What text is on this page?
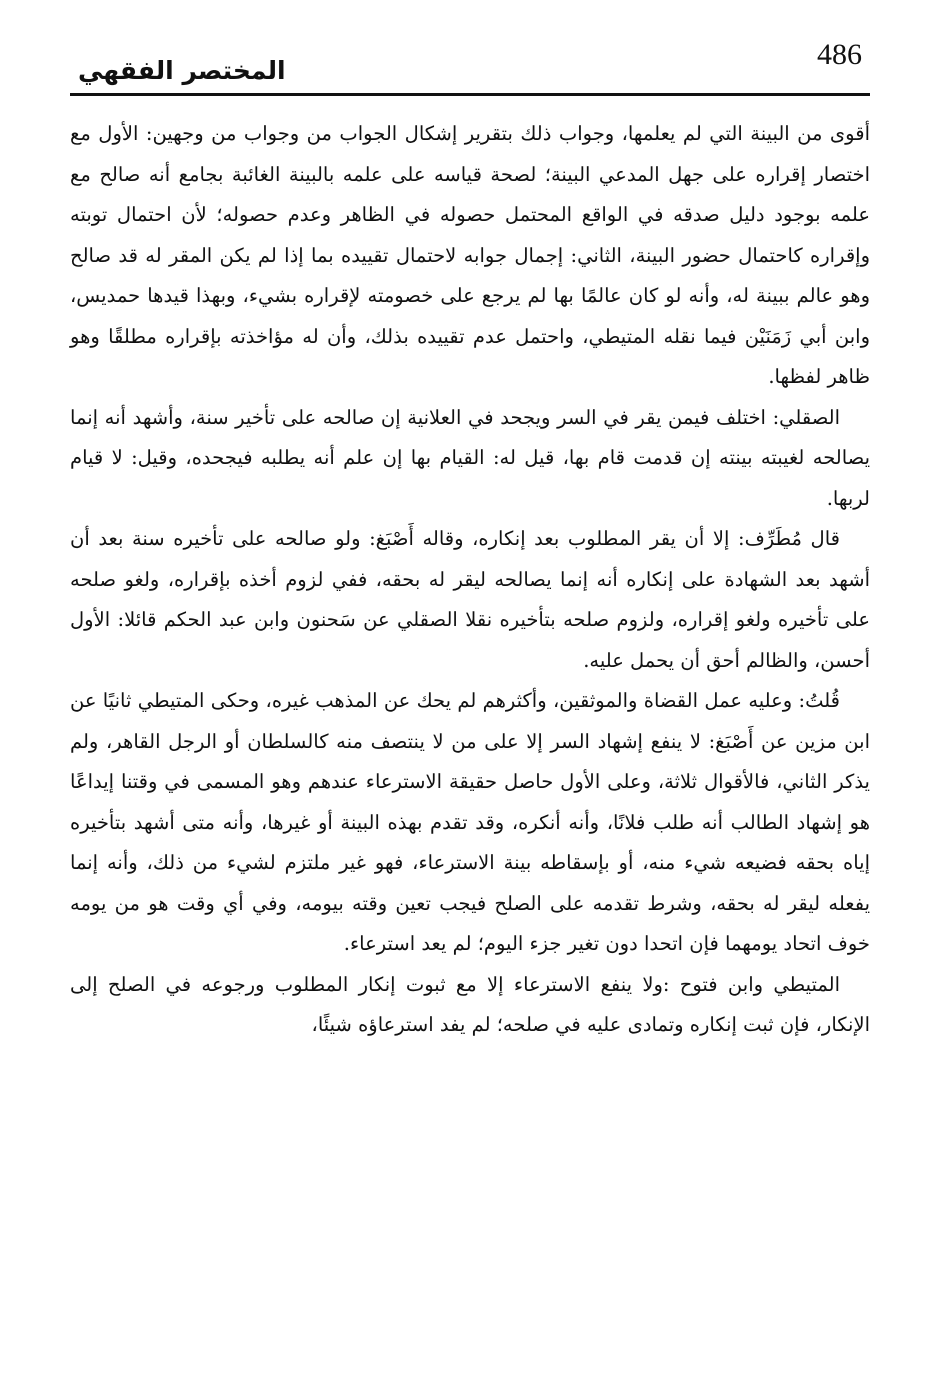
المختصر الفقهي	486

أقوى من البينة التي لم يعلمها، وجواب ذلك بتقرير إشكال الجواب من وجواب من وجهين: الأول مع اختصار إقراره على جهل المدعي البينة؛ لصحة قياسه على علمه بالبينة الغائبة بجامع أنه صالح مع علمه بوجود دليل صدقه في الواقع المحتمل حصوله في الظاهر وعدم حصوله؛ لأن احتمال توبته وإقراره كاحتمال حضور البينة، الثاني: إجمال جوابه لاحتمال تقييده بما إذا لم يكن المقر له قد صالح وهو عالم ببينة له، وأنه لو كان عالمًا بها لم يرجع على خصومته لإقراره بشيء، وبهذا قيدها حمديس، وابن أبي زَمَنَيْن فيما نقله المتيطي، واحتمل عدم تقييده بذلك، وأن له مؤاخذته بإقراره مطلقًا وهو ظاهر لفظها.

الصقلي: اختلف فيمن يقر في السر ويجحد في العلانية إن صالحه على تأخير سنة، وأشهد أنه إنما يصالحه لغيبته بينته إن قدمت قام بها، قيل له: القيام بها إن علم أنه يطلبه فيجحده، وقيل: لا قيام لربها.

قال مُطَرِّف: إلا أن يقر المطلوب بعد إنكاره، وقاله أَصْبَغ: ولو صالحه على تأخيره سنة بعد أن أشهد بعد الشهادة على إنكاره أنه إنما يصالحه ليقر له بحقه، ففي لزوم أخذه بإقراره، ولغو صلحه على تأخيره ولغو إقراره، ولزوم صلحه بتأخيره نقلا الصقلي عن سَحنون وابن عبد الحكم قائلا: الأول أحسن، والظالم أحق أن يحمل عليه.

قُلتُ: وعليه عمل القضاة والموثقين، وأكثرهم لم يحك عن المذهب غيره، وحكى المتيطي ثانيًا عن ابن مزين عن أَصْبَغ: لا ينفع إشهاد السر إلا على من لا ينتصف منه كالسلطان أو الرجل القاهر، ولم يذكر الثاني، فالأقوال ثلاثة، وعلى الأول حاصل حقيقة الاسترعاء عندهم وهو المسمى في وقتنا إيداعًا هو إشهاد الطالب أنه طلب فلانًا، وأنه أنكره، وقد تقدم بهذه البينة أو غيرها، وأنه متى أشهد بتأخيره إياه بحقه فضيعه شيء منه، أو بإسقاطه بينة الاسترعاء، فهو غير ملتزم لشيء من ذلك، وأنه إنما يفعله ليقر له بحقه، وشرط تقدمه على الصلح فيجب تعين وقته بيومه، وفي أي وقت هو من يومه خوف اتحاد يومهما فإن اتحدا دون تغير جزء اليوم؛ لم يعد استرعاء.

المتيطي وابن فتوح :ولا ينفع الاسترعاء إلا مع ثبوت إنكار المطلوب ورجوعه في الصلح إلى الإنكار، فإن ثبت إنكاره وتمادى عليه في صلحه؛ لم يفد استرعاؤه شيئًا،
